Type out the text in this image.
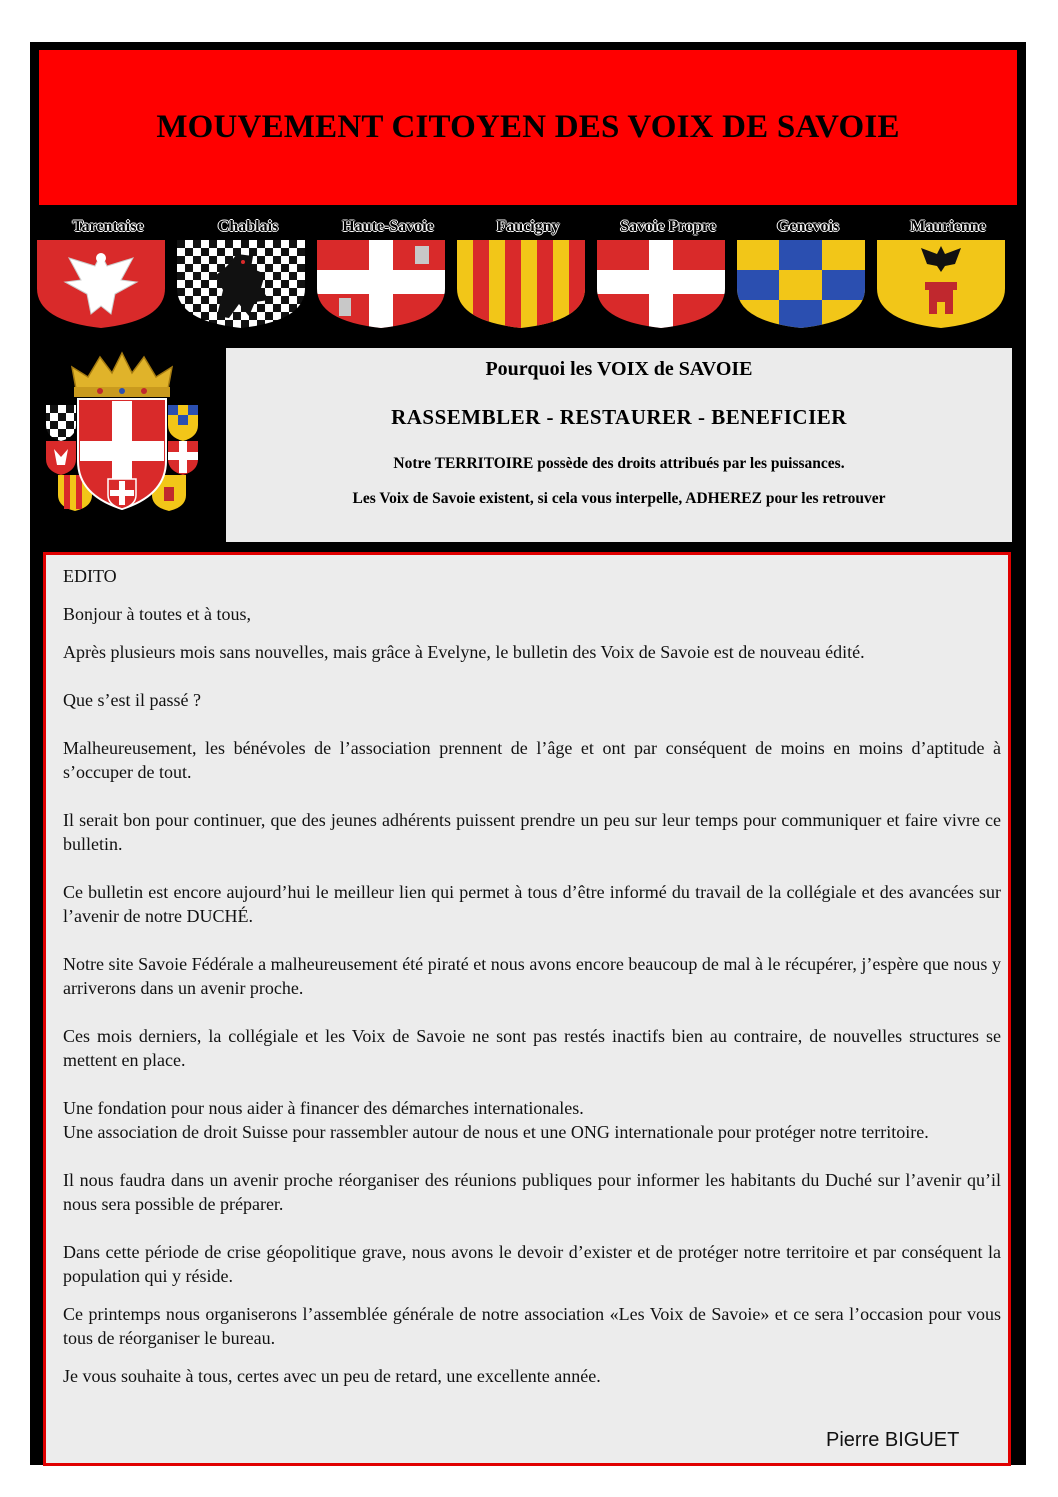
MOUVEMENT CITOYEN DES VOIX DE SAVOIE
Tarentaise	Chablais	Haute-Savoie	Faucigny	Savoie Propre	Genevois	Maurienne
Pourquoi les VOIX de SAVOIE
RASSEMBLER - RESTAURER - BENEFICIER
Notre TERRITOIRE possède des droits attribués par les puissances.
Les Voix de Savoie existent, si cela vous interpelle, ADHEREZ pour les retrouver

EDITO

Bonjour à toutes et à tous,

Après plusieurs mois sans nouvelles, mais grâce à Evelyne, le bulletin des Voix de Savoie est de nouveau édité.

Que s’est il passé ?

Malheureusement, les bénévoles de l’association prennent de l’âge et ont par conséquent de moins en moins d’aptitude à s’occuper de tout.

Il serait bon pour continuer, que des jeunes adhérents puissent prendre un peu sur leur temps pour communiquer et faire vivre ce bulletin.

Ce bulletin est encore aujourd’hui le meilleur lien qui permet à tous d’être informé du travail de la collégiale et des avancées sur l’avenir de notre DUCHÉ.

Notre site Savoie Fédérale a malheureusement été piraté et nous avons encore beaucoup de mal à le récupérer, j’espère que nous y arriverons dans un avenir proche.

Ces mois derniers, la collégiale et les Voix de Savoie ne sont pas restés inactifs bien au contraire, de nouvelles structures se mettent en place.

Une fondation pour nous aider à financer des démarches internationales.

Une association de droit Suisse pour rassembler autour de nous et une ONG internationale pour protéger notre territoire.

Il nous faudra dans un avenir proche réorganiser des réunions publiques pour informer les habitants du Duché sur l’avenir qu’il nous sera possible de préparer.

Dans cette période de crise géopolitique grave, nous avons le devoir d’exister et de protéger notre territoire et par conséquent la population qui y réside.

Ce printemps nous organiserons l’assemblée générale de notre association «Les Voix de Savoie» et ce sera l’occasion pour vous tous de réorganiser le bureau.

Je vous souhaite à tous, certes avec un peu de retard, une excellente année.

Pierre BIGUET
